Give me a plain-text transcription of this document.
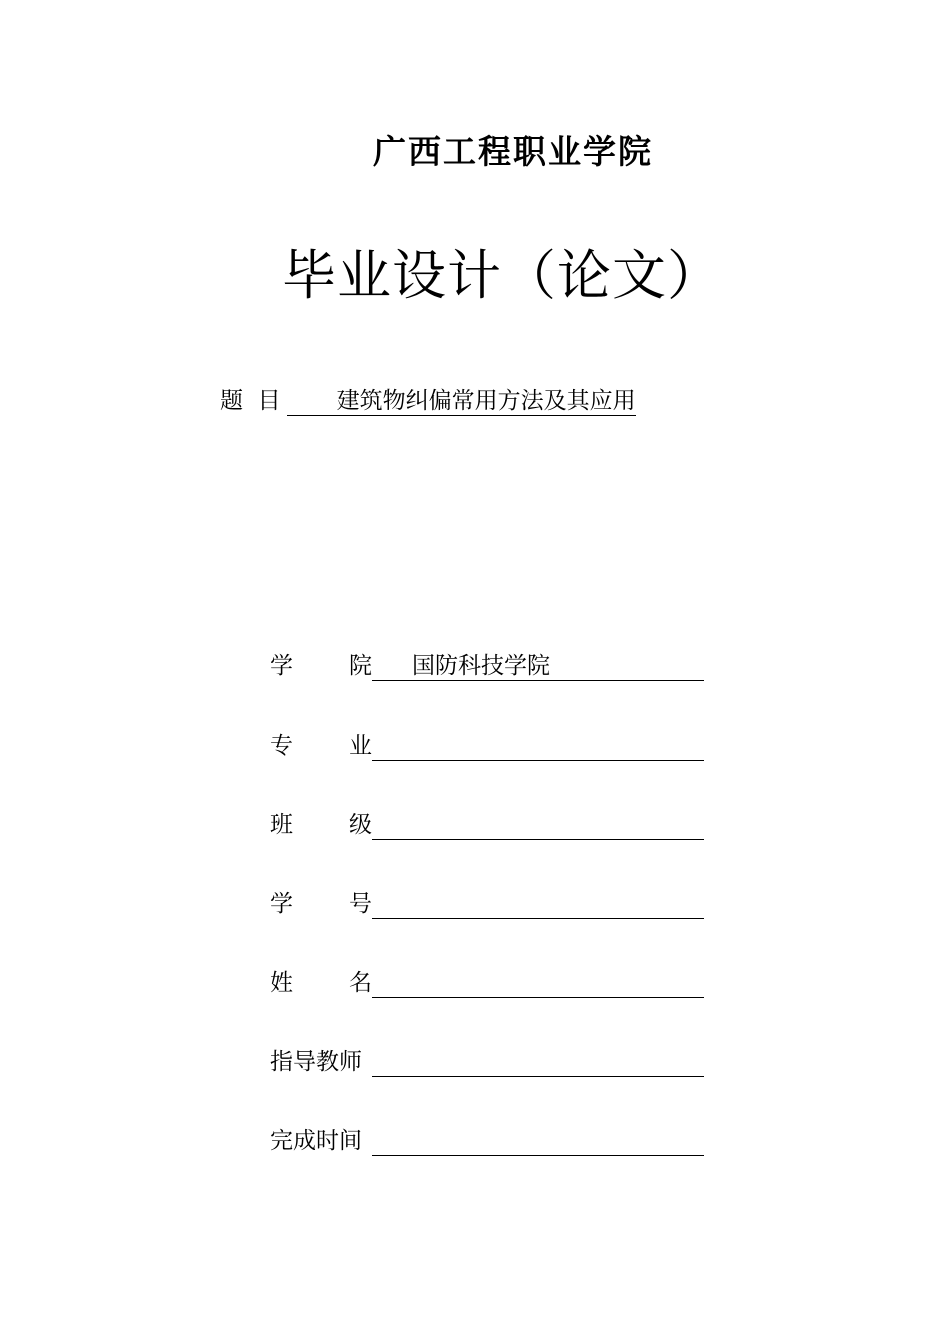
广西工程职业学院
毕业设计（论文）
题  目 建筑物纠偏常用方法及其应用
学 院 国防科技学院
专 业
班 级
学 号
姓 名
指导教师
完成时间
